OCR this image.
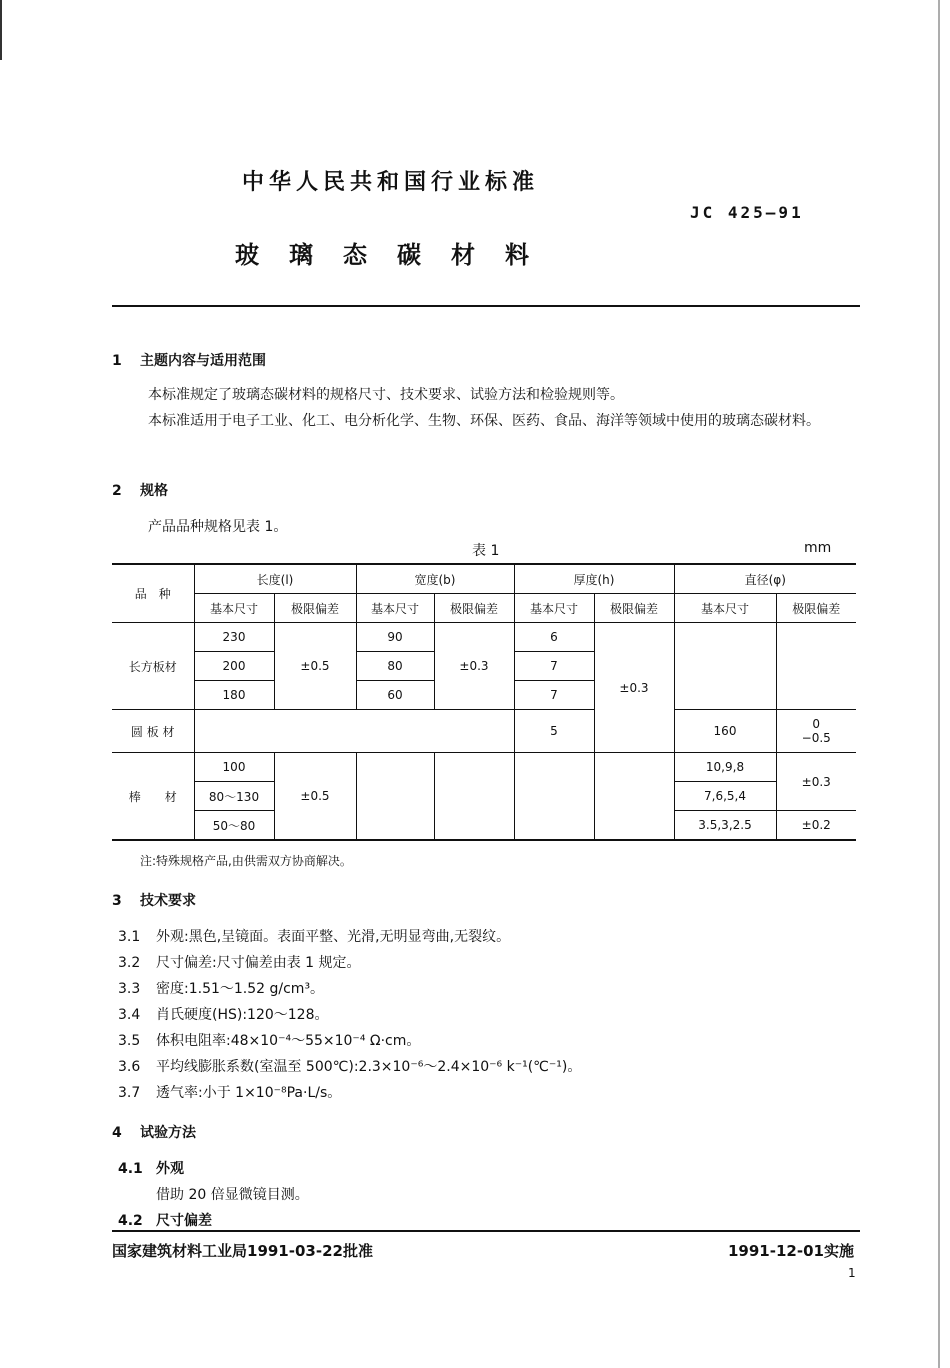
中华人民共和国行业标准
JC 425—91
玻璃态碳材料
1 主题内容与适用范围
本标准规定了玻璃态碳材料的规格尺寸、技术要求、试验方法和检验规则等。
本标准适用于电子工业、化工、电分析化学、生物、环保、医药、食品、海洋等领域中使用的玻璃态碳材料。
2 规格
产品品种规格见表 1。
表 1	mm
品　种	长度(l)		宽度(b)		厚度(h)		直径(φ)	
	基本尺寸	极限偏差	基本尺寸	极限偏差	基本尺寸	极限偏差	基本尺寸	极限偏差
长方板材	230	±0.5	90	±0.3	6	±0.3		
	200		80		7			
	180		60		7			
圆 板 材					5		160	0
−0.5

棒　　材	100	±0.5					10,9,8	±0.3
	80～130						7,6,5,4	
	50～80						3.5,3,2.5	±0.2
注:特殊规格产品,由供需双方协商解决。
3 技术要求
3.1 外观:黑色,呈镜面。表面平整、光滑,无明显弯曲,无裂纹。
3.2 尺寸偏差:尺寸偏差由表 1 规定。
3.3 密度:1.51～1.52 g/cm³。
3.4 肖氏硬度(HS):120～128。
3.5 体积电阻率:48×10⁻⁴～55×10⁻⁴ Ω·cm。
3.6 平均线膨胀系数(室温至 500℃):2.3×10⁻⁶～2.4×10⁻⁶ k⁻¹(℃⁻¹)。
3.7 透气率:小于 1×10⁻⁸Pa·L/s。
4 试验方法
4.1 外观
借助 20 倍显微镜目测。
4.2 尺寸偏差
国家建筑材料工业局1991-03-22批准	1991-12-01实施
1
